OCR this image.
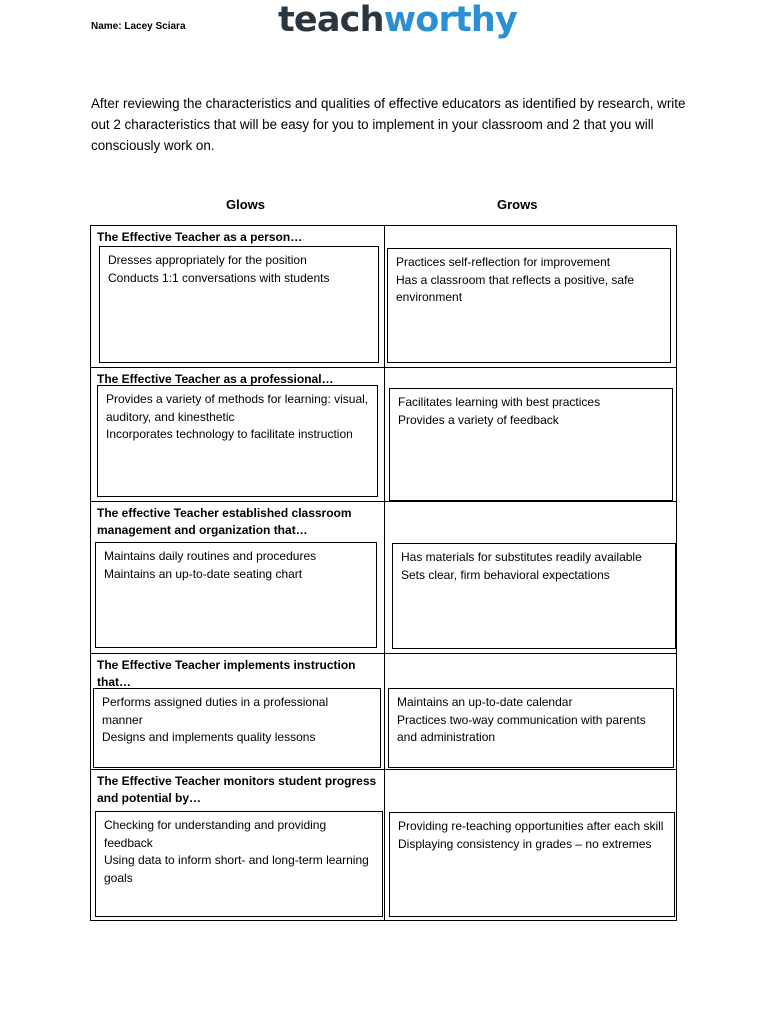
Name: Lacey Sciara	teachworthy
After reviewing the characteristics and qualities of effective educators as identified by research, write out 2 characteristics that will be easy for you to implement in your classroom and 2 that you will consciously work on.
Glows	Grows
The Effective Teacher as a person…

Dresses appropriately for the position

Conducts 1:1 conversations with students

Practices self-reflection for improvement

Has a classroom that reflects a positive, safe environment

The Effective Teacher as a professional…

Provides a variety of methods for learning: visual, auditory, and kinesthetic

Incorporates technology to facilitate instruction

Facilitates learning with best practices

Provides a variety of feedback

The effective Teacher established classroom management and organization that…

Maintains daily routines and procedures

Maintains an up-to-date seating chart

Has materials for substitutes readily available

Sets clear, firm behavioral expectations

The Effective Teacher implements instruction that…

Performs assigned duties in a professional manner

Designs and implements quality lessons

Maintains an up-to-date calendar

Practices two-way communication with parents and administration

The Effective Teacher monitors student progress and potential by…

Checking for understanding and providing feedback

Using data to inform short- and long-term learning goals

Providing re-teaching opportunities after each skill

Displaying consistency in grades – no extremes
